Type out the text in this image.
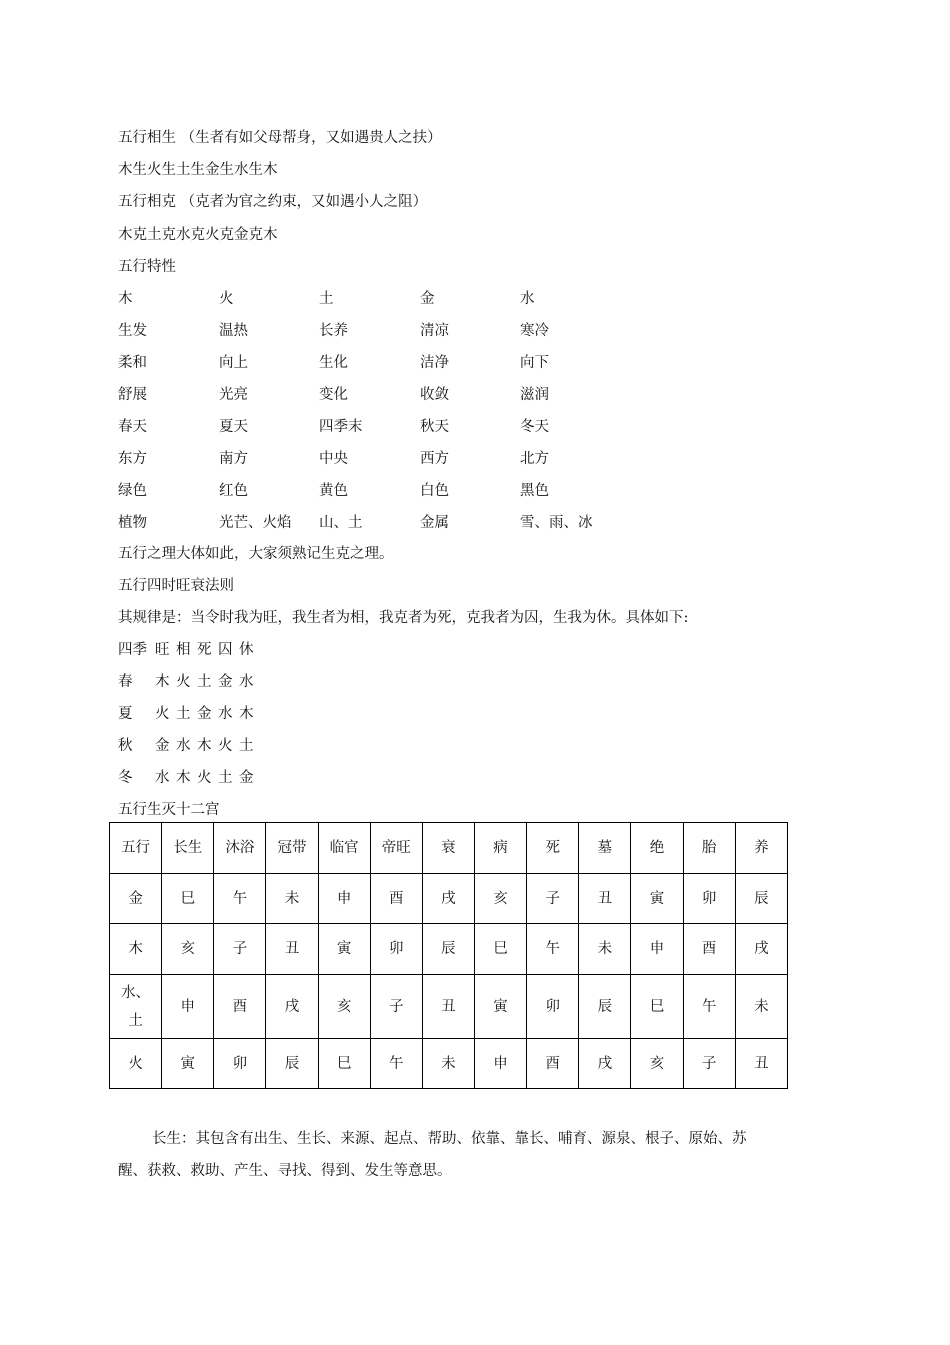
五行相生 （生者有如父母帮身，又如遇贵人之扶）
木生火生土生金生水生木
五行相克 （克者为官之约束，又如遇小人之阻）
木克土克水克火克金克木
五行特性
木	火	土	金	水
生发	温热	长养	清凉	寒冷
柔和	向上	生化	洁净	向下
舒展	光亮	变化	收敛	滋润
春天	夏天	四季末	秋天	冬天
东方	南方	中央	西方	北方
绿色	红色	黄色	白色	黑色
植物	光芒、火焰 山、土	金属	雪、雨、冰
五行之理大体如此，大家须熟记生克之理。
五行四时旺衰法则
其规律是：当令时我为旺，我生者为相，我克者为死，克我者为囚，生我为休。具体如下:
四季 旺 相 死 囚 休
春 木 火 土 金 水
夏 火 土 金 水 木
秋 金 水 木 火 土
冬 水 木 火 土 金
五行生灭十二宫
五行	长生	沐浴	冠带	临官	帝旺	衰	病	死	墓	绝	胎	养
金	巳	午	未	申	酉	戌	亥	子	丑	寅	卯	辰
木	亥	子	丑	寅	卯	辰	巳	午	未	申	酉	戌
水、土	申	酉	戌	亥	子	丑	寅	卯	辰	巳	午	未
火	寅	卯	辰	巳	午	未	申	酉	戌	亥	子	丑
长生：其包含有出生、生长、来源、起点、帮助、依靠、靠长、哺育、源泉、根子、原始、苏醒、获救、救助、产生、寻找、得到、发生等意思。
